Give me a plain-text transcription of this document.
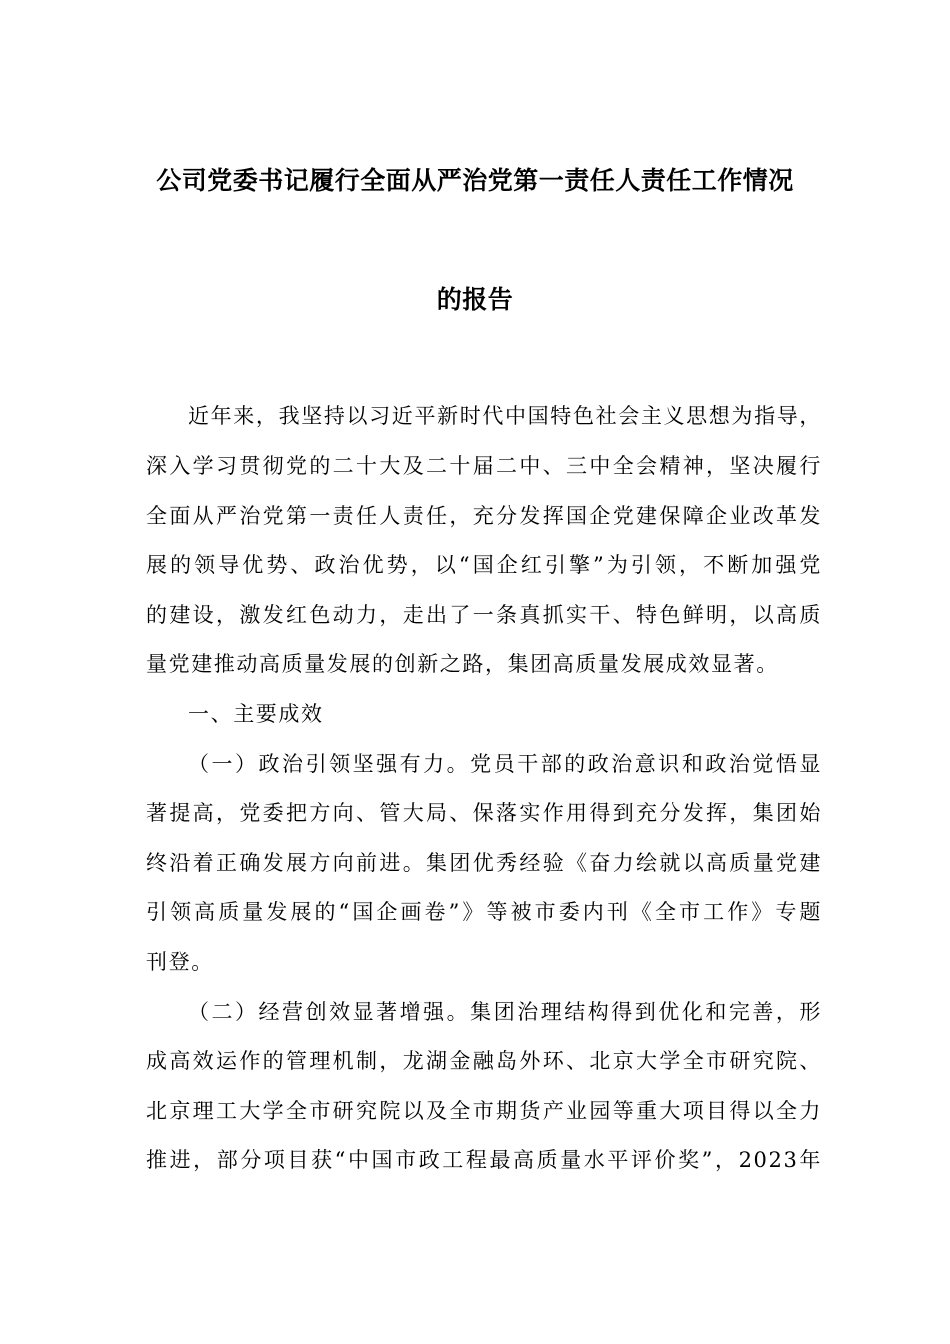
公司党委书记履行全面从严治党第一责任人责任工作情况
的报告
近年来，我坚持以习近平新时代中国特色社会主义思想为指导，
深入学习贯彻党的二十大及二十届二中、三中全会精神，坚决履行
全面从严治党第一责任人责任，充分发挥国企党建保障企业改革发
展的领导优势、政治优势，以“国企红引擎”为引领，不断加强党
的建设，激发红色动力，走出了一条真抓实干、特色鲜明，以高质
量党建推动高质量发展的创新之路，集团高质量发展成效显著。
一、主要成效
（一）政治引领坚强有力。党员干部的政治意识和政治觉悟显
著提高，党委把方向、管大局、保落实作用得到充分发挥，集团始
终沿着正确发展方向前进。集团优秀经验《奋力绘就以高质量党建
引领高质量发展的“国企画卷”》等被市委内刊《全市工作》专题
刊登。
（二）经营创效显著增强。集团治理结构得到优化和完善，形
成高效运作的管理机制，龙湖金融岛外环、北京大学全市研究院、
北京理工大学全市研究院以及全市期货产业园等重大项目得以全力
推进，部分项目获“中国市政工程最高质量水平评价奖”，2023年
